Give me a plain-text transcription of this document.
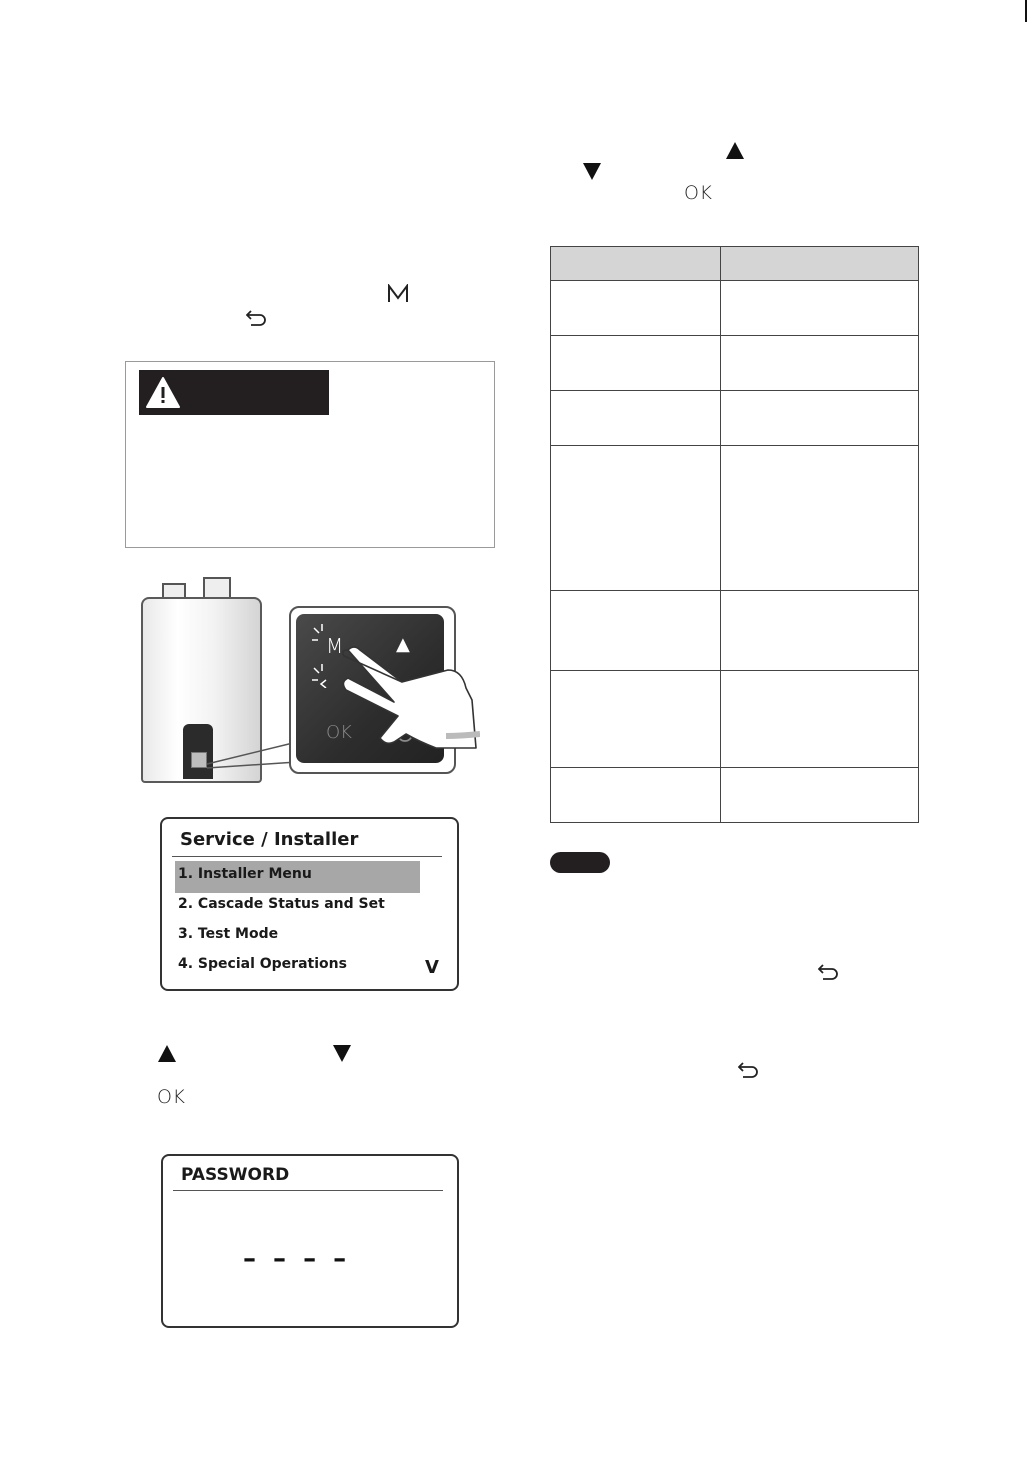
M	▲
OK
Service / Installer
1. Installer Menu
2. Cascade Status and Set
3. Test Mode
4. Special Operations	V
OK
PASSWORD
– – – –
OK
